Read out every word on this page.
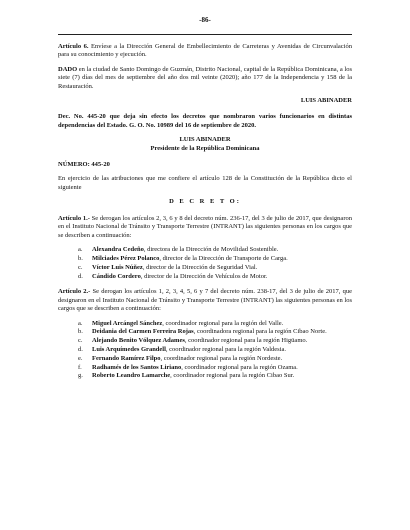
-86-

Artículo 6. Envíese a la Dirección General de Embellecimiento de Carreteras y Avenidas de Circunvalación para su conocimiento y ejecución.

DADO en la ciudad de Santo Domingo de Guzmán, Distrito Nacional, capital de la República Dominicana, a los siete (7) días del mes de septiembre del año dos mil veinte (2020); año 177 de la Independencia y 158 de la Restauración.

LUIS ABINADER

Dec. No. 445-20 que deja sin efecto los decretos que nombraron varios funcionarios en distintas dependencias del Estado. G. O. No. 10989 del 16 de septiembre de 2020.

LUIS ABINADER
Presidente de la República Dominicana

NÚMERO: 445-20

En ejercicio de las atribuciones que me confiere el artículo 128 de la Constitución de la República dicto el siguiente

D E C R E T O:

Artículo 1.- Se derogan los artículos 2, 3, 6 y 8 del decreto núm. 236-17, del 3 de julio de 2017, que designaron en el Instituto Nacional de Tránsito y Transporte Terrestre (INTRANT) las siguientes personas en los cargos que se describen a continuación:

a. Alexandra Cedeño, directora de la Dirección de Movilidad Sostenible.
b. Milciades Pérez Polanco, director de la Dirección de Transporte de Carga.
c. Víctor Luis Núñez, director de la Dirección de Seguridad Vial.
d. Cándido Cordero, director de la Dirección de Vehículos de Motor.

Artículo 2.- Se derogan los artículos 1, 2, 3, 4, 5, 6 y 7 del decreto núm. 238-17, del 3 de julio de 2017, que designaron en el Instituto Nacional de Tránsito y Transporte Terrestre (INTRANT) las siguientes personas en los cargos que se describen a continuación:

a. Miguel Arcángel Sánchez, coordinador regional para la región del Valle.
b. Deidania del Carmen Ferreira Rojas, coordinadora regional para la región Cibao Norte.
c. Alejando Benito Vólquez Adames, coordinador regional para la región Higüamo.
d. Luis Arquímedes Grandell, coordinador regional para la región Valdesia.
e. Fernando Ramírez Filpo, coordinador regional para la región Nordeste.
f. Radhamés de los Santos Liriano, coordinador regional para la región Ozama.
g. Roberto Leandro Lamarche, coordinador regional para la región Cibao Sur.
